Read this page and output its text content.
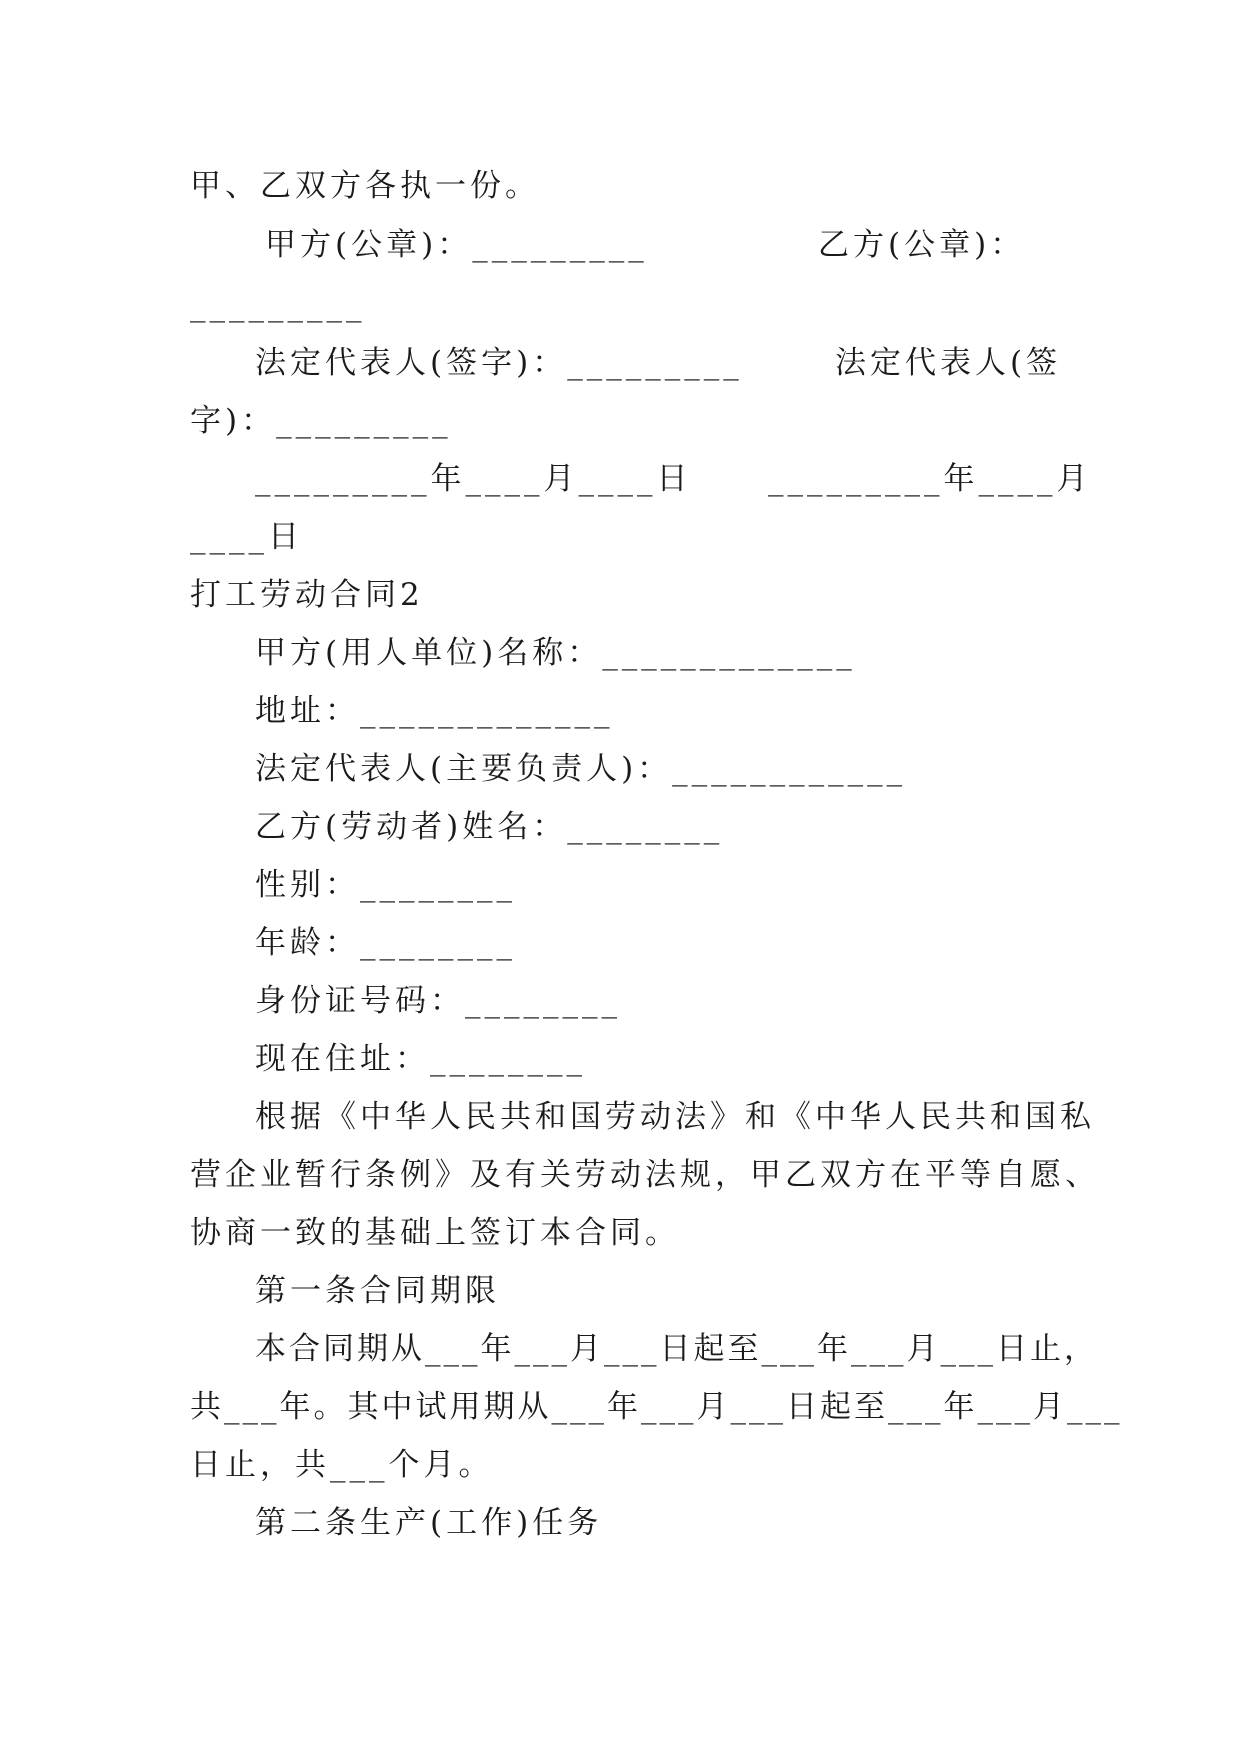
甲、乙双方各执一份。
甲方(公章)：_________	乙方(公章)：
_________
法定代表人(签字)：_________	法定代表人(签
字)：_________
_________年____月____日 _________年____月
____日
打工劳动合同2
甲方(用人单位)名称：_____________
地址：_____________
法定代表人(主要负责人)：____________
乙方(劳动者)姓名：________
性别：________
年龄：________
身份证号码：________
现在住址：________
根据《中华人民共和国劳动法》和《中华人民共和国私
营企业暂行条例》及有关劳动法规，甲乙双方在平等自愿、
协商一致的基础上签订本合同。
第一条合同期限
本合同期从___年___月___日起至___年___月___日止，
共___年。其中试用期从___年___月___日起至___年___月___
日止，共___个月。
第二条生产(工作)任务
